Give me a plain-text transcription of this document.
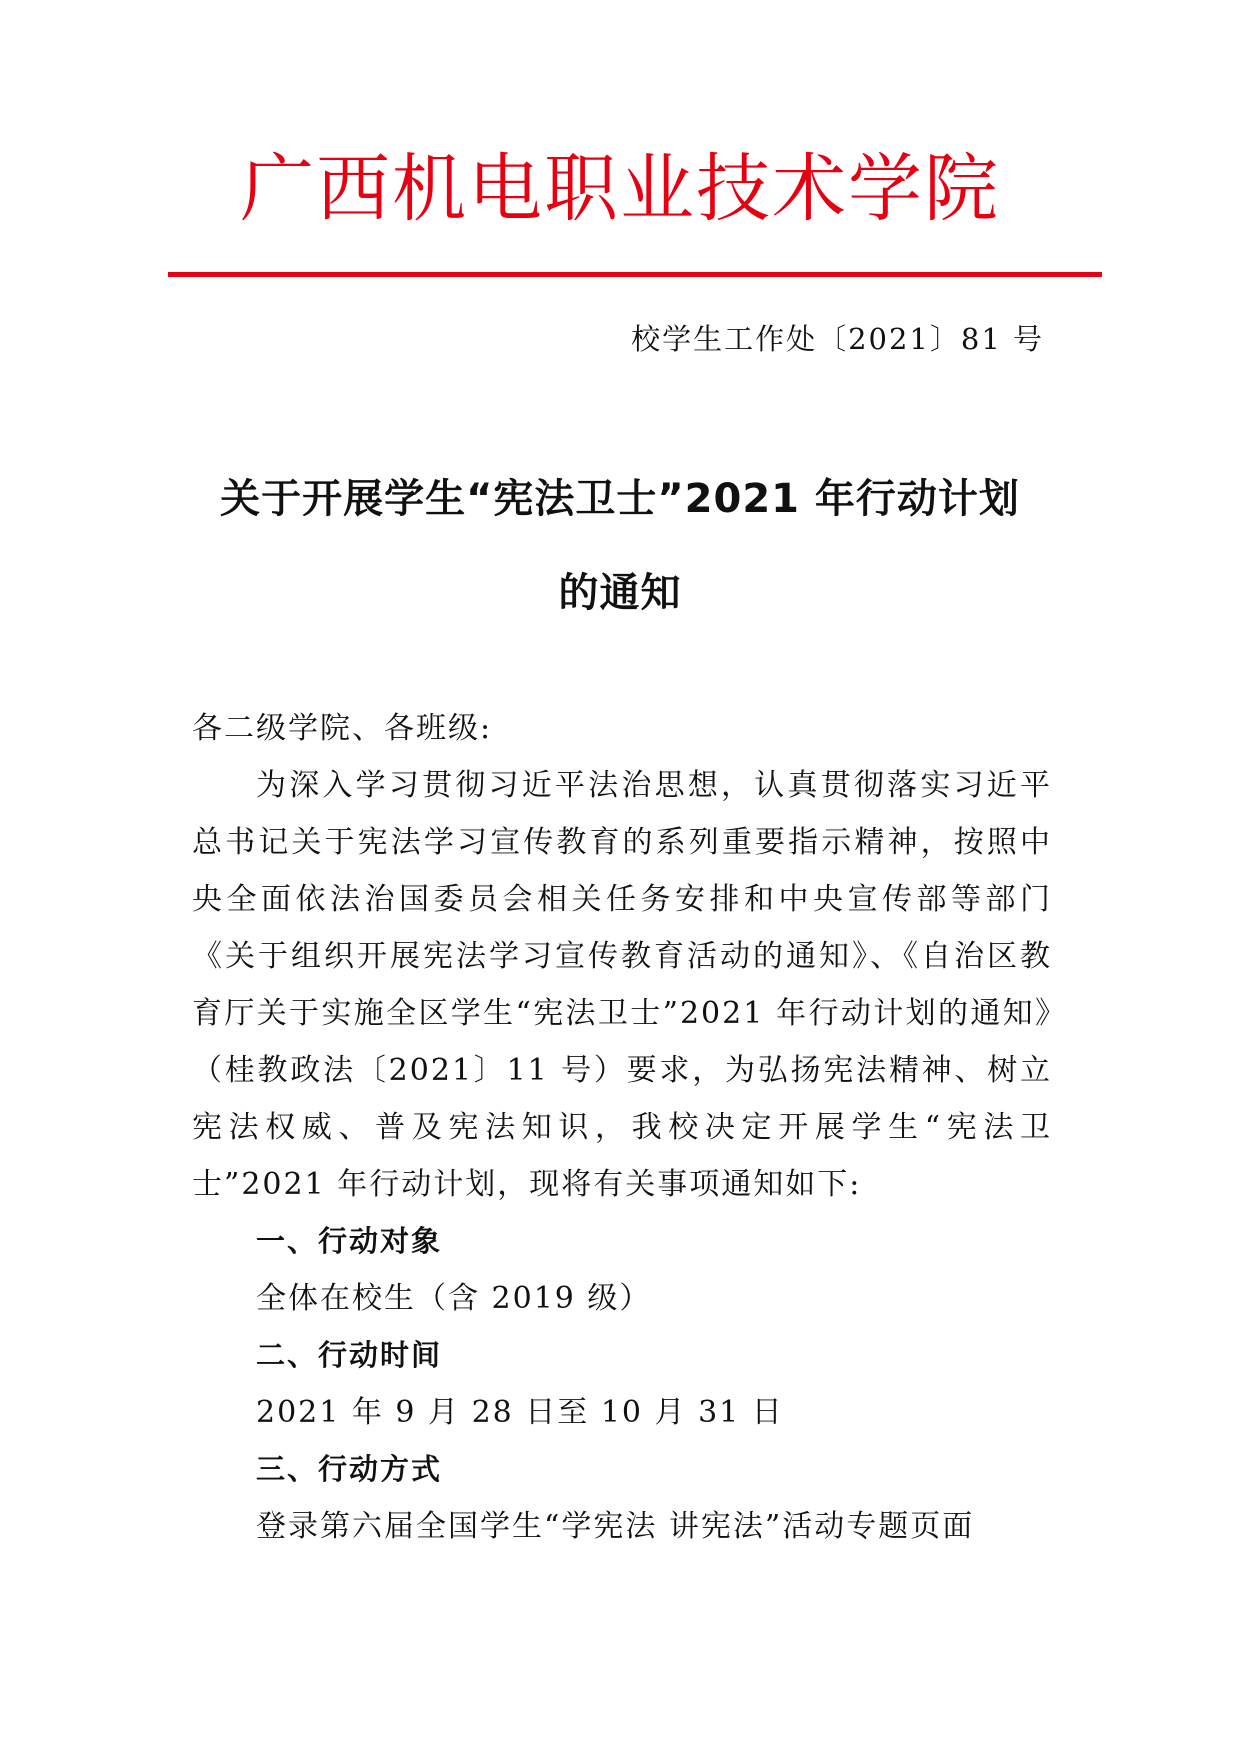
广西机电职业技术学院
校学生工作处〔2021〕81 号
关于开展学生“宪法卫士”2021 年行动计划
的通知

各二级学院、各班级:

为深入学习贯彻习近平法治思想，认真贯彻落实习近平总书记关于宪法学习宣传教育的系列重要指示精神，按照中央全面依法治国委员会相关任务安排和中央宣传部等部门《关于组织开展宪法学习宣传教育活动的通知》、《自治区教育厅关于实施全区学生“宪法卫士”2021 年行动计划的通知》（桂教政法〔2021〕11 号）要求，为弘扬宪法精神、树立宪法权威、普及宪法知识，我校决定开展学生“宪法卫士”2021 年行动计划，现将有关事项通知如下:

一、行动对象

全体在校生（含 2019 级）

二、行动时间

2021 年 9 月 28 日至 10 月 31 日

三、行动方式

登录第六届全国学生“学宪法 讲宪法”活动专题页面
